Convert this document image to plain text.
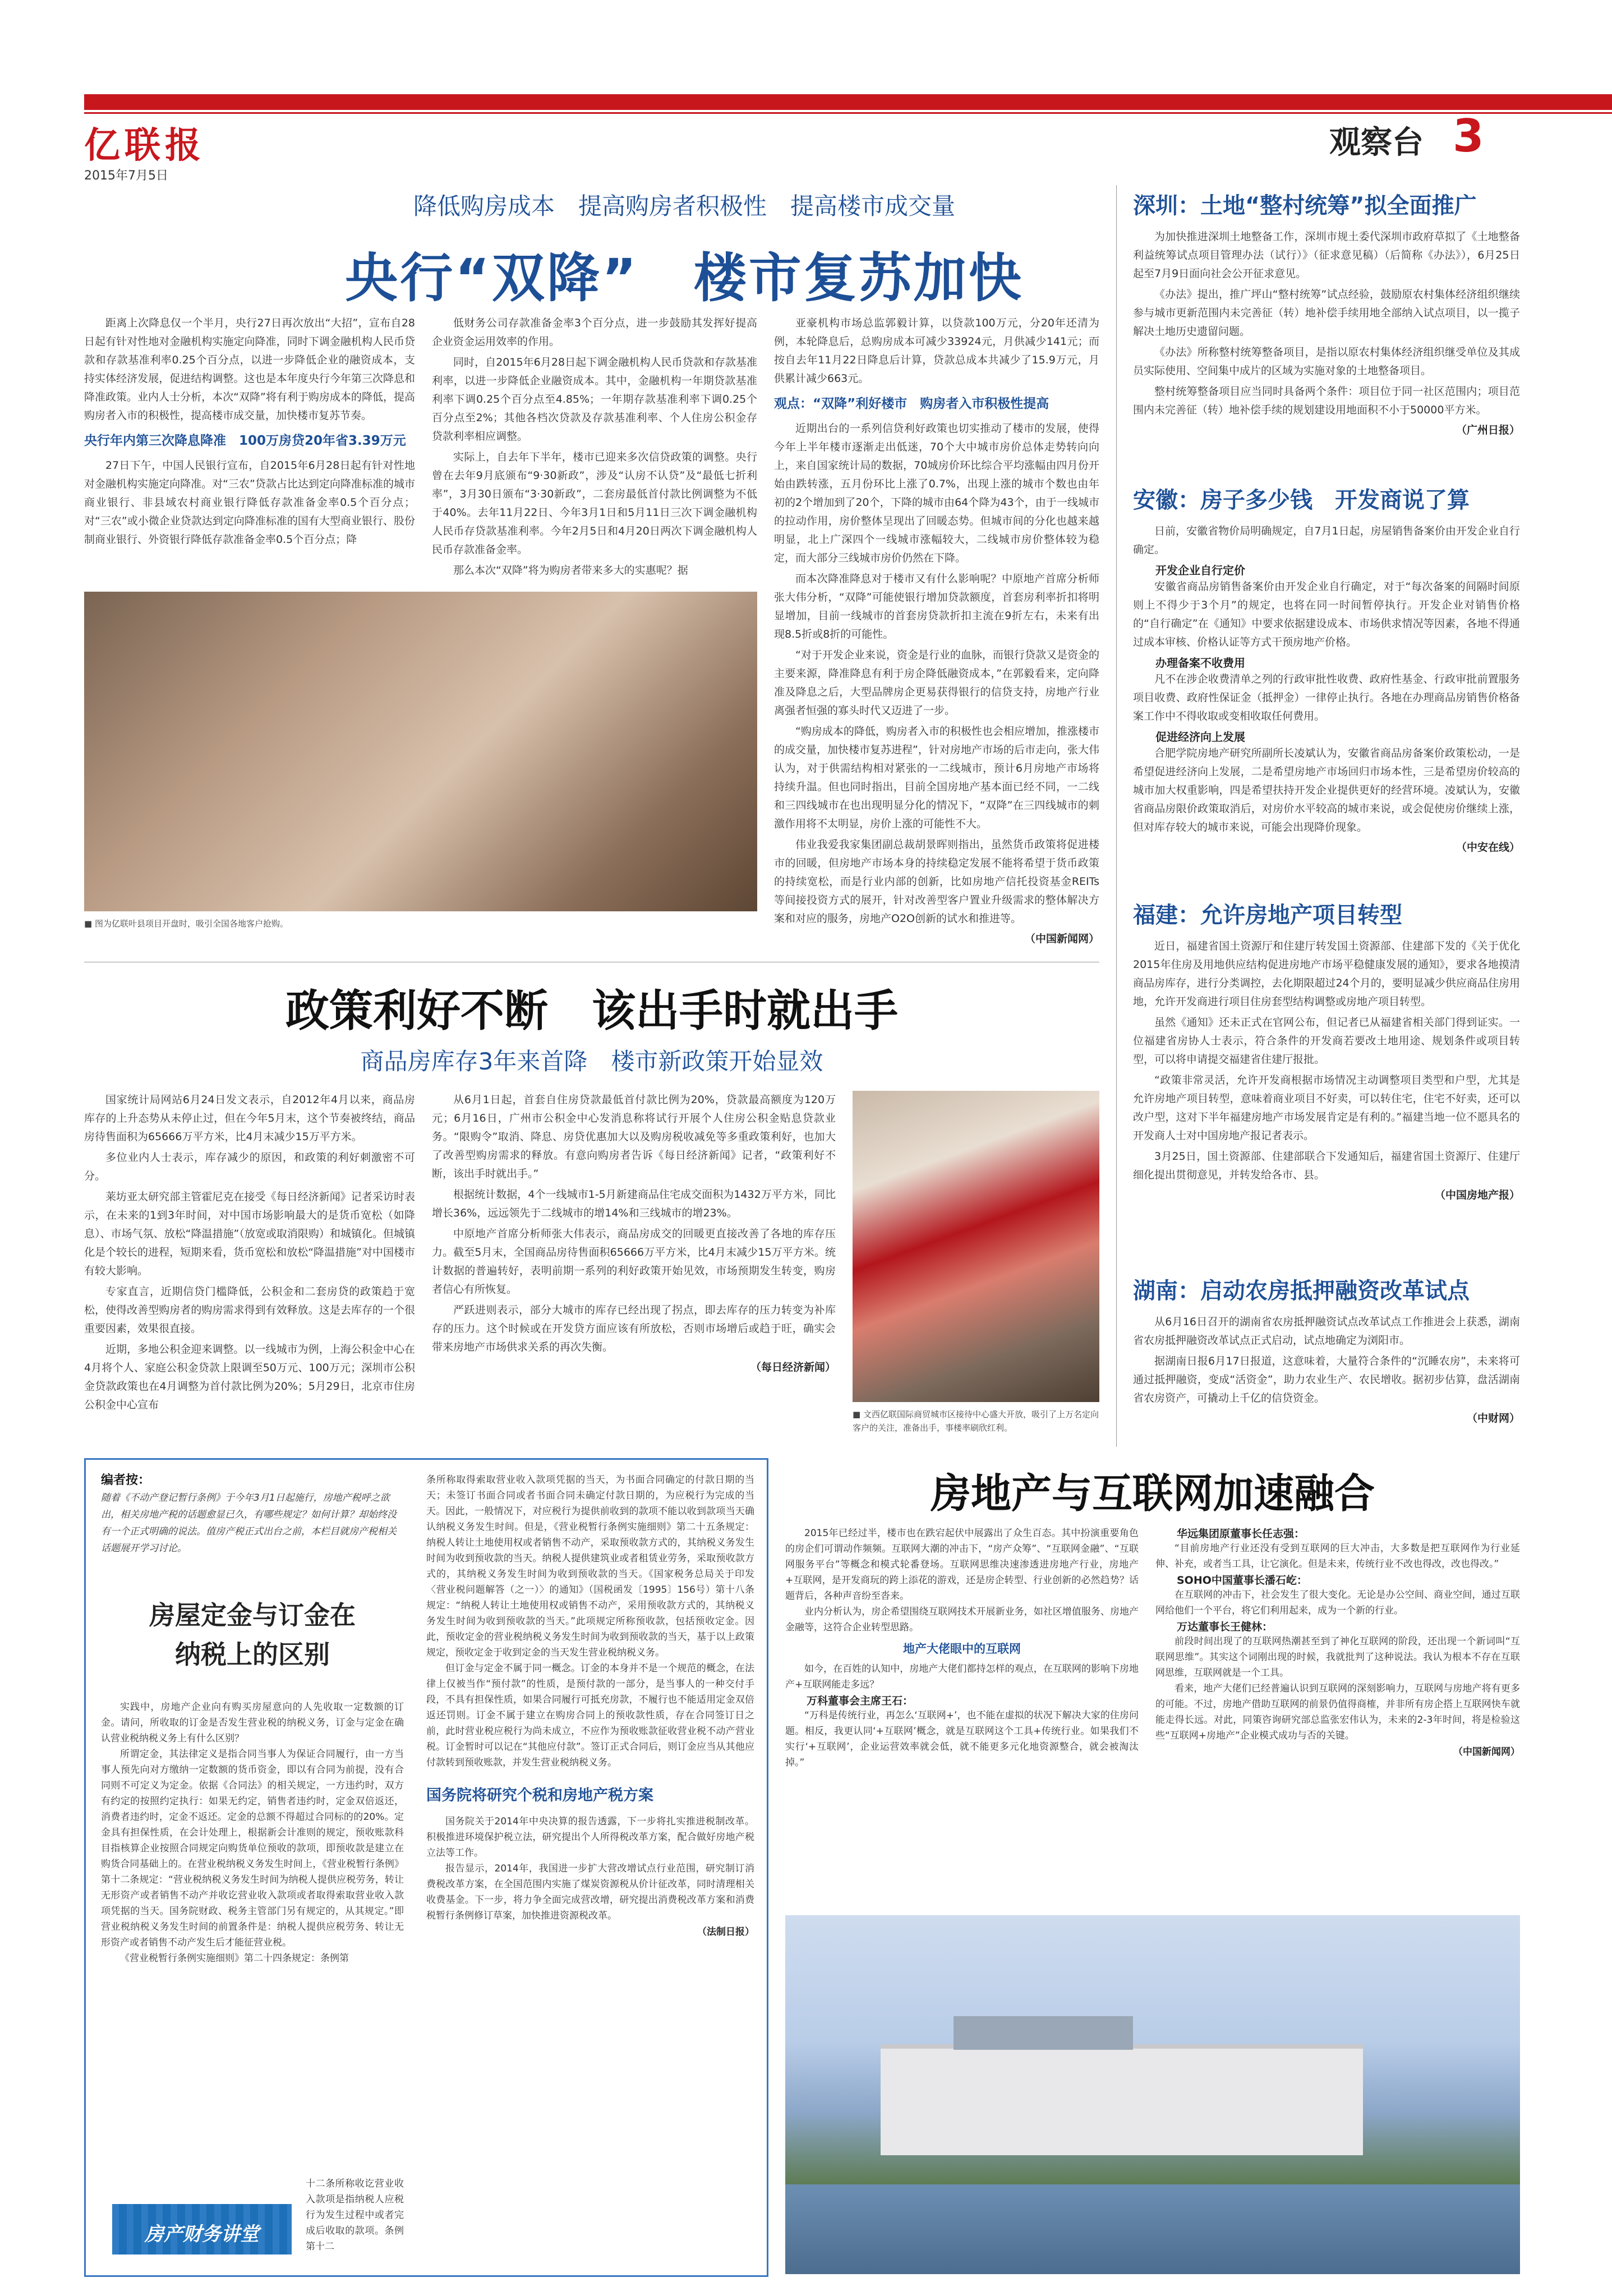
亿联报
2015年7月5日
观察台 3
降低购房成本　提高购房者积极性　提高楼市成交量
央行“双降”　楼市复苏加快

距离上次降息仅一个半月，央行27日再次放出“大招”，宣布自28日起有针对性地对金融机构实施定向降准，同时下调金融机构人民币贷款和存款基准利率0.25个百分点，以进一步降低企业的融资成本，支持实体经济发展，促进结构调整。这也是本年度央行今年第三次降息和降准政策。业内人士分析，本次“双降”将有利于购房成本的降低，提高购房者入市的积极性，提高楼市成交量，加快楼市复苏节奏。

央行年内第三次降息降准　100万房贷20年省3.39万元

27日下午，中国人民银行宣布，自2015年6月28日起有针对性地对金融机构实施定向降准。对“三农”贷款占比达到定向降准标准的城市商业银行、非县域农村商业银行降低存款准备金率0.5个百分点；对“三农”或小微企业贷款达到定向降准标准的国有大型商业银行、股份制商业银行、外资银行降低存款准备金率0.5个百分点；降

低财务公司存款准备金率3个百分点，进一步鼓励其发挥好提高企业资金运用效率的作用。

同时，自2015年6月28日起下调金融机构人民币贷款和存款基准利率，以进一步降低企业融资成本。其中，金融机构一年期贷款基准利率下调0.25个百分点至4.85%；一年期存款基准利率下调0.25个百分点至2%；其他各档次贷款及存款基准利率、个人住房公积金存贷款利率相应调整。

实际上，自去年下半年，楼市已迎来多次信贷政策的调整。央行曾在去年9月底颁布“9·30新政”，涉及“认房不认贷”及“最低七折利率”，3月30日颁布“3·30新政”，二套房最低首付款比例调整为不低于40%。去年11月22日、今年3月1日和5月11日三次下调金融机构人民币存贷款基准利率。今年2月5日和4月20日两次下调金融机构人民币存款准备金率。

那么本次“双降”将为购房者带来多大的实惠呢？据

亚豪机构市场总监郭毅计算，以贷款100万元，分20年还清为例，本轮降息后，总购房成本可减少33924元，月供减少141元；而按自去年11月22日降息后计算，贷款总成本共减少了15.9万元，月供累计减少663元。

观点：“双降”利好楼市　购房者入市积极性提高

近期出台的一系列信贷利好政策也切实推动了楼市的发展，使得今年上半年楼市逐渐走出低迷，70个大中城市房价总体走势转向向上，来自国家统计局的数据，70城房价环比综合平均涨幅由四月份开始由跌转涨，五月份环比上涨了0.7%，出现上涨的城市个数也由年初的2个增加到了20个，下降的城市由64个降为43个，由于一线城市的拉动作用，房价整体呈现出了回暖态势。但城市间的分化也越来越明显，北上广深四个一线城市涨幅较大，二线城市房价整体较为稳定，而大部分三线城市房价仍然在下降。

而本次降准降息对于楼市又有什么影响呢？中原地产首席分析师张大伟分析，“双降”可能使银行增加贷款额度，首套房利率折扣将明显增加，目前一线城市的首套房贷款折扣主流在9折左右，未来有出现8.5折或8折的可能性。

“对于开发企业来说，资金是行业的血脉，而银行贷款又是资金的主要来源，降准降息有利于房企降低融资成本，”在郭毅看来，定向降准及降息之后，大型品牌房企更易获得银行的信贷支持，房地产行业离强者恒强的寡头时代又迈进了一步。

“购房成本的降低，购房者入市的积极性也会相应增加，推涨楼市的成交量，加快楼市复苏进程”，针对房地产市场的后市走向，张大伟认为，对于供需结构相对紧张的一二线城市，预计6月房地产市场将持续升温。但也同时指出，目前全国房地产基本面已经不同，一二线和三四线城市在也出现明显分化的情况下，“双降”在三四线城市的刺激作用将不太明显，房价上涨的可能性不大。

伟业我爱我家集团副总裁胡景晖则指出，虽然货币政策将促进楼市的回暖，但房地产市场本身的持续稳定发展不能将希望于货币政策的持续宽松，而是行业内部的创新，比如房地产信托投资基金REITs等间接投资方式的展开，针对改善型客户置业升级需求的整体解决方案和对应的服务，房地产O2O创新的试水和推进等。

（中国新闻网）
■ 图为亿联叶县项目开盘时，吸引全国各地客户抢购。
政策利好不断　该出手时就出手
商品房库存3年来首降　楼市新政策开始显效

国家统计局网站6月24日发文表示，自2012年4月以来，商品房库存的上升态势从未停止过，但在今年5月末，这个节奏被终结，商品房待售面积为65666万平方米，比4月末减少15万平方米。

多位业内人士表示，库存减少的原因，和政策的利好刺激密不可分。

莱坊亚太研究部主管霍尼克在接受《每日经济新闻》记者采访时表示，在未来的1到3年时间，对中国市场影响最大的是货币宽松（如降息）、市场气氛、放松“降温措施”（放宽或取消限购）和城镇化。但城镇化是个较长的进程，短期来看，货币宽松和放松“降温措施”对中国楼市有较大影响。

专家直言，近期信贷门槛降低，公积金和二套房贷的政策趋于宽松，使得改善型购房者的购房需求得到有效释放。这是去库存的一个很重要因素，效果很直接。

近期，多地公积金迎来调整。以一线城市为例，上海公积金中心在4月将个人、家庭公积金贷款上限调至50万元、100万元；深圳市公积金贷款政策也在4月调整为首付款比例为20%；5月29日，北京市住房公积金中心宣布

从6月1日起，首套自住房贷款最低首付款比例为20%，贷款最高额度为120万元；6月16日，广州市公积金中心发消息称将试行开展个人住房公积金贴息贷款业务。“限购令”取消、降息、房贷优惠加大以及购房税收减免等多重政策利好，也加大了改善型购房需求的释放。有意向购房者告诉《每日经济新闻》记者，“政策利好不断，该出手时就出手。”

根据统计数据，4个一线城市1-5月新建商品住宅成交面积为1432万平方米，同比增长36%，远远领先于二线城市的增14%和三线城市的增23%。

中原地产首席分析师张大伟表示，商品房成交的回暖更直接改善了各地的库存压力。截至5月末，全国商品房待售面积65666万平方米，比4月末减少15万平方米。统计数据的普遍转好，表明前期一系列的利好政策开始见效，市场预期发生转变，购房者信心有所恢复。

严跃进则表示，部分大城市的库存已经出现了拐点，即去库存的压力转变为补库存的压力。这个时候或在开发贷方面应该有所放松，否则市场增后或趋于旺，确实会带来房地产市场供求关系的再次失衡。

（每日经济新闻）
■ 文西亿联国际商贸城市区接待中心盛大开放，吸引了上万名定向客户的关注，准备出手，事楼率刷欣红利。
深圳：土地“整村统筹”拟全面推广

为加快推进深圳土地整备工作，深圳市规土委代深圳市政府草拟了《土地整备利益统筹试点项目管理办法（试行）》（征求意见稿）（后简称《办法》），6月25日起至7月9日面向社会公开征求意见。

《办法》提出，推广坪山“整村统筹”试点经验，鼓励原农村集体经济组织继续参与城市更新范围内未完善征（转）地补偿手续用地全部纳入试点项目，以一揽子解决土地历史遗留问题。

《办法》所称整村统筹整备项目，是指以原农村集体经济组织继受单位及其成员实际使用、空间集中成片的区域为实施对象的土地整备项目。

整村统筹整备项目应当同时具备两个条件：项目位于同一社区范围内；项目范围内未完善征（转）地补偿手续的规划建设用地面积不小于50000平方米。

（广州日报）
安徽：房子多少钱　开发商说了算

日前，安徽省物价局明确规定，自7月1日起，房屋销售备案价由开发企业自行确定。

开发企业自行定价

安徽省商品房销售备案价由开发企业自行确定，对于“每次备案的间隔时间原则上不得少于3个月”的规定，也将在同一时间暂停执行。开发企业对销售价格的“自行确定”在《通知》中要求依据建设成本、市场供求情况等因素，各地不得通过成本审核、价格认证等方式干预房地产价格。

办理备案不收费用

凡不在涉企收费清单之列的行政审批性收费、政府性基金、行政审批前置服务项目收费、政府性保证金（抵押金）一律停止执行。各地在办理商品房销售价格备案工作中不得收取或变相收取任何费用。

促进经济向上发展

合肥学院房地产研究所副所长凌斌认为，安徽省商品房备案价政策松动，一是希望促进经济向上发展，二是希望房地产市场回归市场本性，三是希望房价较高的城市加大权重影响，四是希望扶持开发企业提供更好的经营环境。凌斌认为，安徽省商品房限价政策取消后，对房价水平较高的城市来说，或会促使房价继续上涨，但对库存较大的城市来说，可能会出现降价现象。

（中安在线）
福建：允许房地产项目转型

近日，福建省国土资源厅和住建厅转发国土资源部、住建部下发的《关于优化2015年住房及用地供应结构促进房地产市场平稳健康发展的通知》，要求各地摸清商品房库存，进行分类调控，去化期限超过24个月的，要明显减少供应商品住房用地，允许开发商进行项目住房套型结构调整或房地产项目转型。

虽然《通知》还未正式在官网公布，但记者已从福建省相关部门得到证实。一位福建省房协人士表示，符合条件的开发商若要改土地用途、规划条件或项目转型，可以将申请提交福建省住建厅报批。

“政策非常灵活，允许开发商根据市场情况主动调整项目类型和户型，尤其是允许房地产项目转型，意味着商业项目不好卖，可以转住宅，住宅不好卖，还可以改户型，这对下半年福建房地产市场发展肯定是有利的。”福建当地一位不愿具名的开发商人士对中国房地产报记者表示。

3月25日，国土资源部、住建部联合下发通知后，福建省国土资源厅、住建厅细化提出贯彻意见，并转发给各市、县。

（中国房地产报）
湖南：启动农房抵押融资改革试点

从6月16日召开的湖南省农房抵押融资试点改革试点工作推进会上获悉，湖南省农房抵押融资改革试点正式启动，试点地确定为浏阳市。

据湖南日报6月17日报道，这意味着，大量符合条件的“沉睡农房”，未来将可通过抵押融资，变成“活资金”，助力农业生产、农民增收。据初步估算，盘活湖南省农房资产，可撬动上千亿的信贷资金。

（中财网）
编者按：
随着《不动产登记暂行条例》于今年3月1日起施行，房地产税呼之欲出，相关房地产税的话题愈显已久，有哪些规定？如何计算？却始终没有一个正式明确的说法。值房产税正式出台之前，本栏目就房产税相关话题展开学习讨论。
房屋定金与订金在
纳税上的区别

实践中，房地产企业向有购买房屋意向的人先收取一定数额的订金。请问，所收取的订金是否发生营业税的纳税义务，订金与定金在确认营业税纳税义务上有什么区别？

所谓定金，其法律定义是指合同当事人为保证合同履行，由一方当事人预先向对方缴纳一定数额的货币资金，即以有合同为前提，没有合同则不可定义为定金。依据《合同法》的相关规定，一方违约时，双方有约定的按照约定执行：如果无约定，销售者违约时，定金双倍返还，消费者违约时，定金不返还。定金的总额不得超过合同标的的20%。定金具有担保性质，在会计处理上，根据新会计准则的规定，预收账款科目指核算企业按照合同规定向购货单位预收的款项，即预收款是建立在购货合同基础上的。在营业税纳税义务发生时间上，《营业税暂行条例》第十二条规定：“营业税纳税义务发生时间为纳税人提供应税劳务，转让无形资产或者销售不动产并收讫营业收入款项或者取得索取营业收入款项凭据的当天。国务院财政、税务主管部门另有规定的，从其规定。”即营业税纳税义务发生时间的前置条件是：纳税人提供应税劳务、转让无形资产或者销售不动产发生后才能征营业税。

《营业税暂行条例实施细则》第二十四条规定：条例第

房产财务讲堂

十二条所称收讫营业收入款项是指纳税人应税行为发生过程中或者完成后收取的款项。条例第十二

条所称取得索取营业收入款项凭据的当天，为书面合同确定的付款日期的当天；未签订书面合同或者书面合同未确定付款日期的，为应税行为完成的当天。因此，一般情况下，对应税行为提供前收到的款项不能以收到款项当天确认纳税义务发生时间。但是，《营业税暂行条例实施细则》第二十五条规定：纳税人转让土地使用权或者销售不动产，采取预收款方式的，其纳税义务发生时间为收到预收款的当天。纳税人提供建筑业或者租赁业劳务，采取预收款方式的，其纳税义务发生时间为收到预收款的当天。《国家税务总局关于印发〈营业税问题解答（之一）〉的通知》（国税函发〔1995〕156号）第十八条规定：“纳税人转让土地使用权或销售不动产，采用预收款方式的，其纳税义务发生时间为收到预收款的当天。”此项规定所称预收款，包括预收定金。因此，预收定金的营业税纳税义务发生时间为收到预收款的当天，基于以上政策规定，预收定金于收到定金的当天发生营业税纳税义务。

但订金与定金不属于同一概念。订金的本身并不是一个规范的概念，在法律上仅被当作“预付款”的性质，是预付款的一部分，是当事人的一种交付手段，不具有担保性质，如果合同履行可抵充房款，不履行也不能适用定金双倍返还罚则。订金不属于建立在购房合同上的预收款性质，存在合同签订日之前，此时营业税应税行为尚未成立，不应作为预收账款征收营业税不动产营业税。订金暂时可以记在“其他应付款”。签订正式合同后，则订金应当从其他应付款转到预收账款，并发生营业税纳税义务。

国务院将研究个税和房地产税方案

国务院关于2014年中央决算的报告透露，下一步将扎实推进税制改革。积极推进环境保护税立法，研究提出个人所得税改革方案，配合做好房地产税立法等工作。

报告显示，2014年，我国进一步扩大营改增试点行业范围，研究制订消费税改革方案，在全国范围内实施了煤炭资源税从价计征改革，同时清理相关收费基金。下一步，将力争全面完成营改增，研究提出消费税改革方案和消费税暂行条例修订草案，加快推进资源税改革。

（法制日报）
房地产与互联网加速融合

2015年已经过半，楼市也在跌宕起伏中展露出了众生百态。其中扮演重要角色的房企们可谓动作频频。互联网大潮的冲击下，“房产众筹”、“互联网金融”、“互联网服务平台”等概念和模式轮番登场。互联网思维决速渗透进房地产行业，房地产+互联网，是开发商玩的跨上添花的游戏，还是房企转型、行业创新的必然趋势？话题背后，各种声音纷至沓来。

业内分析认为，房企希望围绕互联网技术开展新业务，如社区增值服务、房地产金融等，这符合企业转型思路。

地产大佬眼中的互联网

如今，在百姓的认知中，房地产大佬们都持怎样的观点，在互联网的影响下房地产+互联网能走多远？

万科董事会主席王石：

“万科是传统行业，再怎么‘互联网+’，也不能在虚拟的状况下解决大家的住房问题。相反，我更认同‘+互联网’概念，就是互联网这个工具+传统行业。如果我们不实行‘+互联网’，企业运营效率就会低，就不能更多元化地资源整合，就会被淘汰掉。”

华远集团原董事长任志强：

“目前房地产行业还没有受到互联网的巨大冲击，大多数是把互联网作为行业延伸、补充，或者当工具，让它演化。但是未来，传统行业不改也得改，改也得改。”

SOHO中国董事长潘石屹：

在互联网的冲击下，社会发生了很大变化。无论是办公空间、商业空间，通过互联网给他们一个平台，将它们利用起来，成为一个新的行业。

万达董事长王健林：

前段时间出现了的互联网热潮甚至到了神化互联网的阶段，还出现一个新词叫“互联网思维”。其实这个词刚出现的时候，我就批判了这种说法。我认为根本不存在互联网思维，互联网就是一个工具。

看来，地产大佬们已经普遍认识到互联网的深刻影响力，互联网与房地产将有更多的可能。不过，房地产借助互联网的前景仍值得商榷，并非所有房企搭上互联网快车就能走得长远。对此，同策咨询研究部总监张宏伟认为，未来的2-3年时间，将是检验这些“互联网+房地产”企业模式成功与否的关键。

（中国新闻网）
